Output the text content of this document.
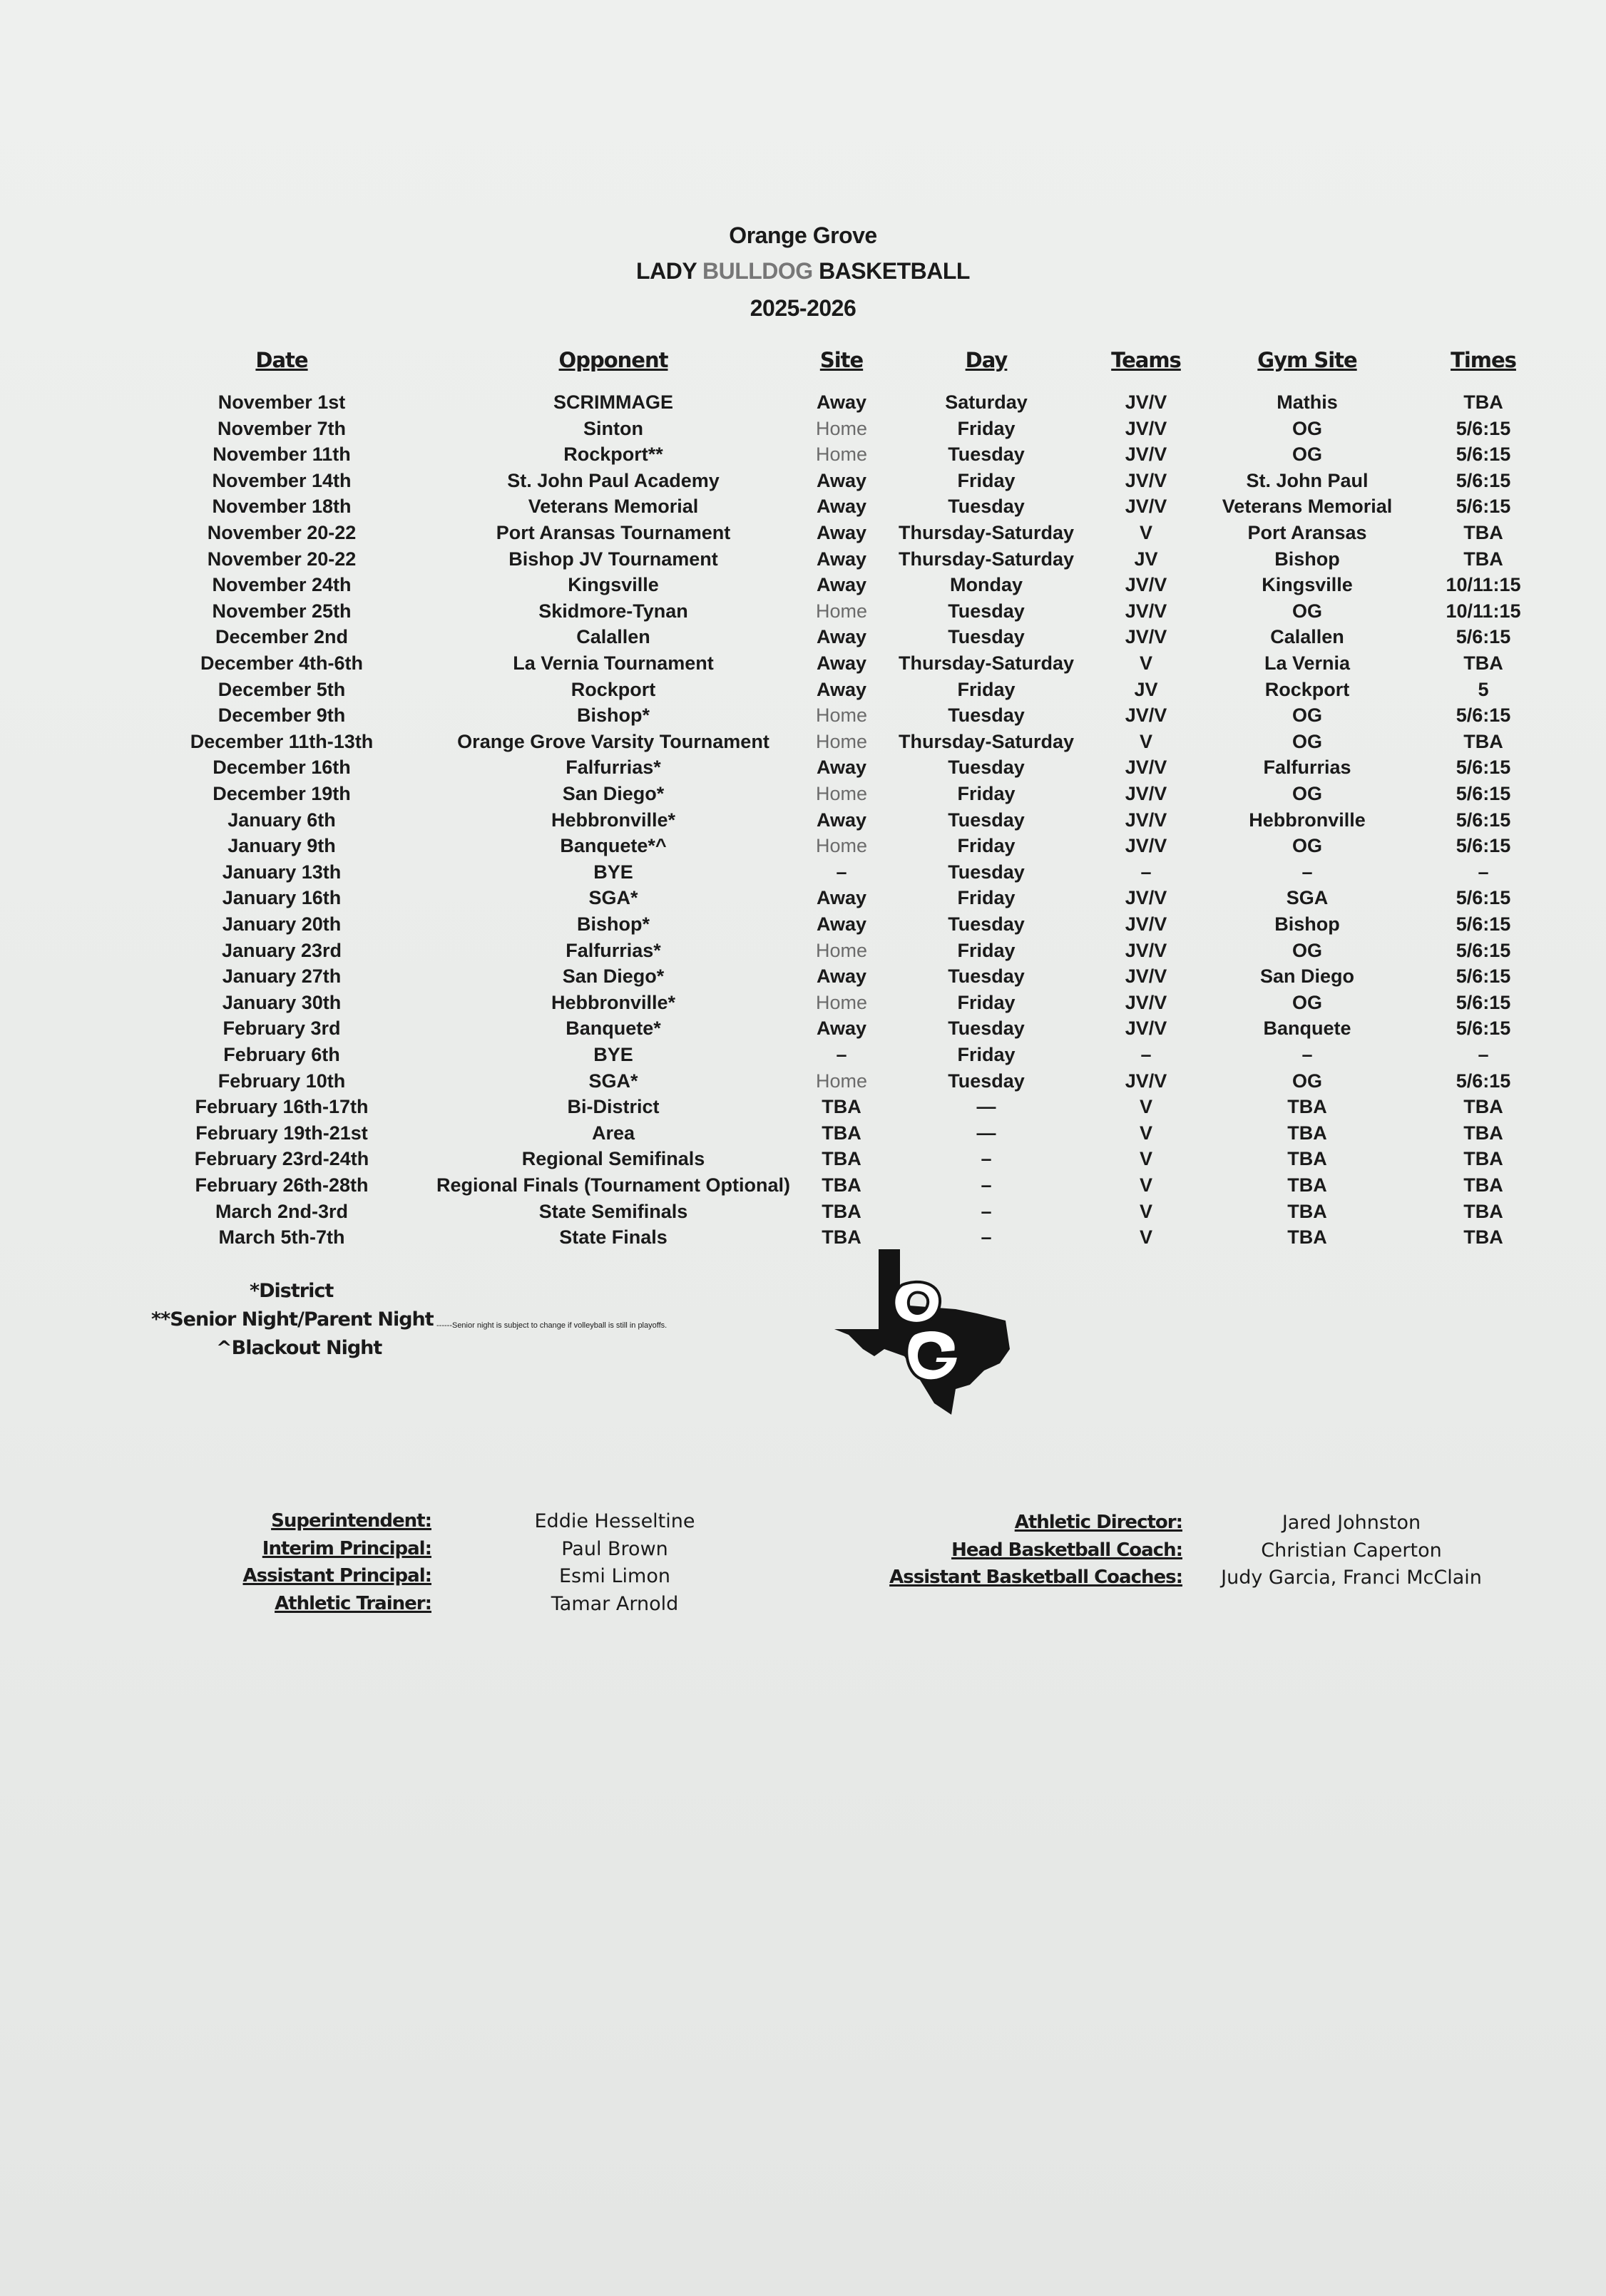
Orange Grove
LADY BULLDOG BASKETBALL
2025-2026
Date	Opponent	Site	Day	Teams	Gym Site	Times
November 1st	SCRIMMAGE	Away	Saturday	JV/V	Mathis	TBA
November 7th	Sinton	Home	Friday	JV/V	OG	5/6:15
November 11th	Rockport**	Home	Tuesday	JV/V	OG	5/6:15
November 14th	St. John Paul Academy	Away	Friday	JV/V	St. John Paul	5/6:15
November 18th	Veterans Memorial	Away	Tuesday	JV/V	Veterans Memorial	5/6:15
November 20-22	Port Aransas Tournament	Away Thursday-Saturday	V	Port Aransas	TBA
November 20-22	Bishop JV Tournament	Away Thursday-Saturday	JV	Bishop	TBA
November 24th	Kingsville	Away	Monday	JV/V	Kingsville	10/11:15
November 25th	Skidmore-Tynan	Home	Tuesday	JV/V	OG	10/11:15
December 2nd	Calallen	Away	Tuesday	JV/V	Calallen	5/6:15
December 4th-6th	La Vernia Tournament	Away Thursday-Saturday	V	La Vernia	TBA
December 5th	Rockport	Away	Friday	JV	Rockport	5
December 9th	Bishop*	Home	Tuesday	JV/V	OG	5/6:15
December 11th-13th	Orange Grove Varsity Tournament Home Thursday-Saturday	V	OG	TBA
December 16th	Falfurrias*	Away	Tuesday	JV/V	Falfurrias	5/6:15
December 19th	San Diego*	Home	Friday	JV/V	OG	5/6:15
January 6th	Hebbronville*	Away	Tuesday	JV/V	Hebbronville	5/6:15
January 9th	Banquete*^	Home	Friday	JV/V	OG	5/6:15
January 13th	BYE	–	Tuesday	–	–	–
January 16th	SGA*	Away	Friday	JV/V	SGA	5/6:15
January 20th	Bishop*	Away	Tuesday	JV/V	Bishop	5/6:15
January 23rd	Falfurrias*	Home	Friday	JV/V	OG	5/6:15
January 27th	San Diego*	Away	Tuesday	JV/V	San Diego	5/6:15
January 30th	Hebbronville*	Home	Friday	JV/V	OG	5/6:15
February 3rd	Banquete*	Away	Tuesday	JV/V	Banquete	5/6:15
February 6th	BYE	–	Friday	–	–	–
February 10th	SGA*	Home	Tuesday	JV/V	OG	5/6:15
February 16th-17th	Bi-District	TBA	—	V	TBA	TBA
February 19th-21st	Area	TBA	—	V	TBA	TBA
February 23rd-24th	Regional Semifinals	TBA	–	V	TBA	TBA
February 26th-28th	Regional Finals (Tournament Optional) TBA	–	V	TBA	TBA
March 2nd-3rd	State Semifinals	TBA	–	V	TBA	TBA
March 5th-7th	State Finals	TBA	–	V	TBA	TBA
*District
**Senior Night/Parent Night
^Blackout Night
------Senior night is subject to change if volleyball is still in playoffs.
Superintendent:	Eddie Hesseltine
Interim Principal:	Paul Brown
Assistant Principal:	Esmi Limon
Athletic Trainer:	Tamar Arnold
Athletic Director:	Jared Johnston
Head Basketball Coach:	Christian Caperton
Assistant Basketball Coaches: Judy Garcia, Franci McClain
